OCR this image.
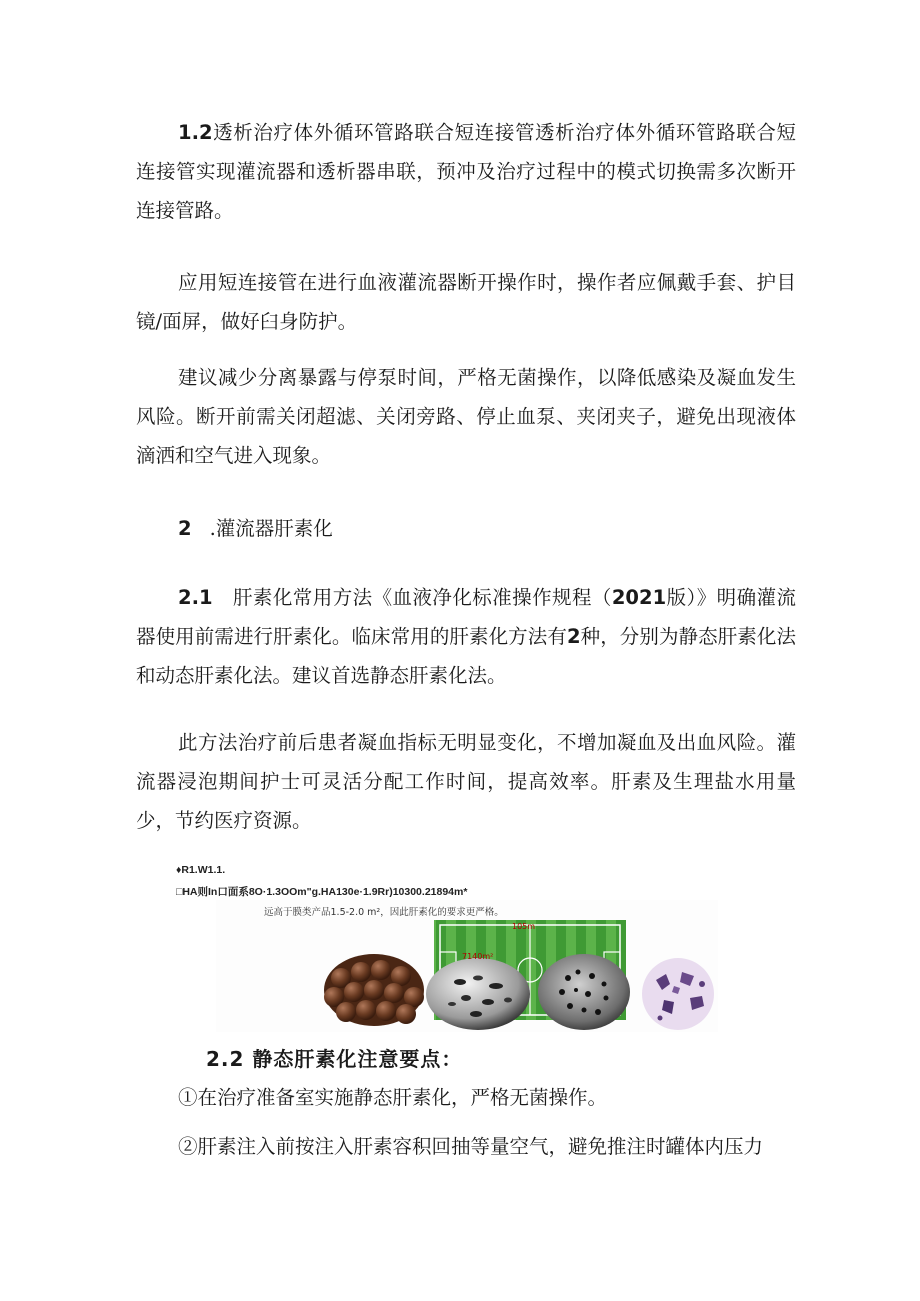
1.2透析治疗体外循环管路联合短连接管透析治疗体外循环管路联合短连接管实现灌流器和透析器串联，预冲及治疗过程中的模式切换需多次断开连接管路。

应用短连接管在进行血液灌流器断开操作时，操作者应佩戴手套、护目镜/面屏，做好臼身防护。

建议减少分离暴露与停泵时间，严格无菌操作，以降低感染及凝血发生风险。断开前需关闭超滤、关闭旁路、停止血泵、夹闭夹子，避免出现液体滴洒和空气进入现象。

2 .灌流器肝素化

2.1 肝素化常用方法《血液净化标准操作规程（2021版）》明确灌流器使用前需进行肝素化。临床常用的肝素化方法有2种，分别为静态肝素化法和动态肝素化法。建议首选静态肝素化法。

此方法治疗前后患者凝血指标无明显变化，不增加凝血及出血风险。灌流器浸泡期间护士可灵活分配工作时间，提高效率。肝素及生理盐水用量少，节约医疗资源。

♦R1.W1.1.
□HA则In口面系8O·1.3OOm"g.HA130e·1.9Rr)10300.21894m*
远高于膜类产品1.5-2.0 m²，因此肝素化的要求更严格。
105m
7140m²
2.2 静态肝素化注意要点：

①在治疗准备室实施静态肝素化，严格无菌操作。

②肝素注入前按注入肝素容积回抽等量空气，避免推注时罐体内压力
